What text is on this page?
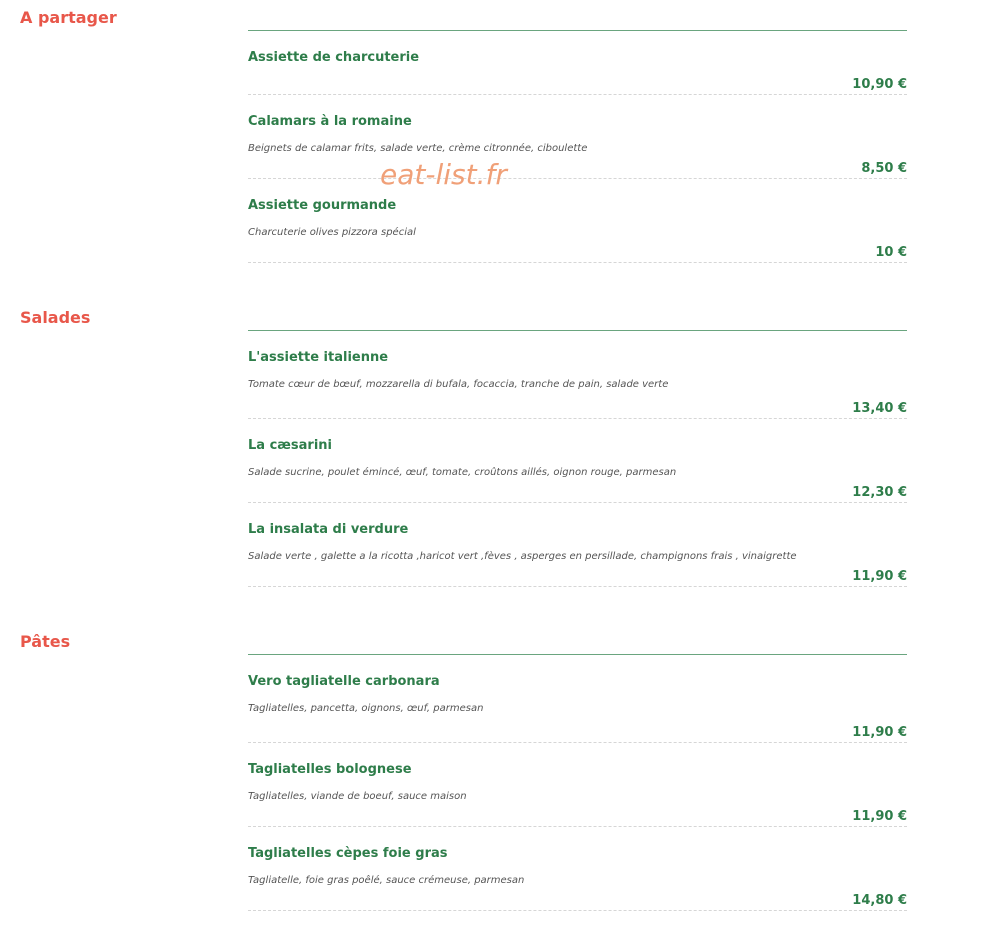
A partager
Assiette de charcuterie
10,90 €
Calamars à la romaine
Beignets de calamar frits, salade verte, crème citronnée, ciboulette
8,50 €
Assiette gourmande
Charcuterie olives pizzora spécial
10 €
Salades
L'assiette italienne
Tomate cœur de bœuf, mozzarella di bufala, focaccia, tranche de pain, salade verte
13,40 €
La cæsarini
Salade sucrine, poulet émincé, œuf, tomate, croûtons aillés, oignon rouge, parmesan
12,30 €
La insalata di verdure
Salade verte , galette a la ricotta ,haricot vert ,fèves , asperges en persillade, champignons frais , vinaigrette
11,90 €
Pâtes
Vero tagliatelle carbonara
Tagliatelles, pancetta, oignons, œuf, parmesan
11,90 €
Tagliatelles bolognese
Tagliatelles, viande de boeuf, sauce maison
11,90 €
Tagliatelles cèpes foie gras
Tagliatelle, foie gras poêlé, sauce crémeuse, parmesan
14,80 €
eat-list.fr
